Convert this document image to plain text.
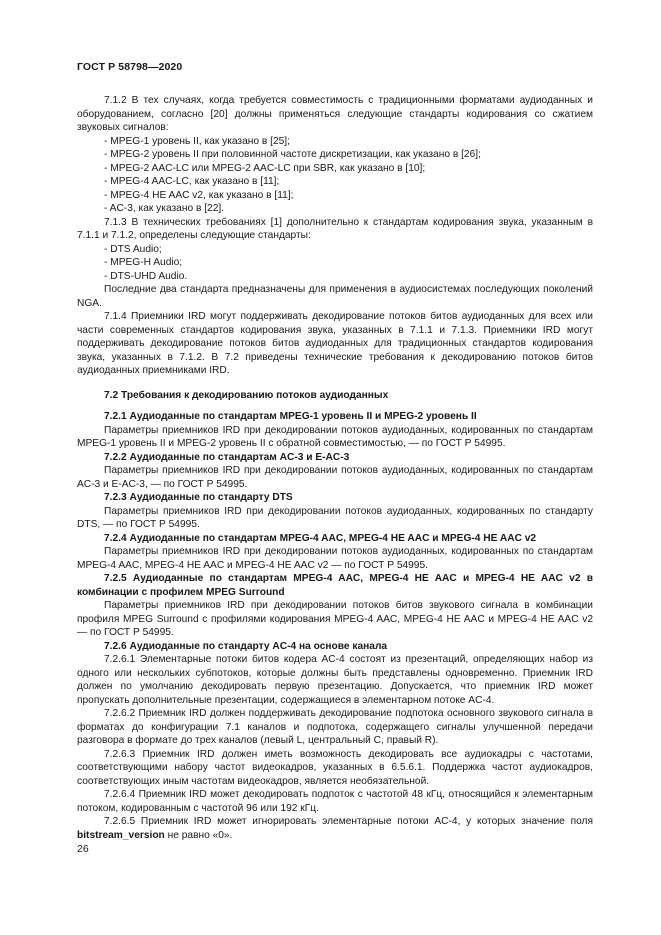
ГОСТ Р 58798—2020

7.1.2 В тех случаях, когда требуется совместимость с традиционными форматами аудиоданных и оборудованием, согласно [20] должны применяться следующие стандарты кодирования со сжатием звуковых сигналов:

- MPEG-1 уровень II, как указано в [25];

- MPEG-2 уровень II при половинной частоте дискретизации, как указано в [26];

- MPEG-2 AAC-LC или MPEG-2 AAC-LC при SBR, как указано в [10];

- MPEG-4 AAC-LC, как указано в [11];

- MPEG-4 HE AAC v2, как указано в [11];

- AC-3, как указано в [22].

7.1.3 В технических требованиях [1] дополнительно к стандартам кодирования звука, указанным в 7.1.1 и 7.1.2, определены следующие стандарты:

- DTS Audio;

- MPEG-H Audio;

- DTS-UHD Audio.

Последние два стандарта предназначены для применения в аудиосистемах последующих поколений NGA.

7.1.4 Приемники IRD могут поддерживать декодирование потоков битов аудиоданных для всех или части современных стандартов кодирования звука, указанных в 7.1.1 и 7.1.3. Приемники IRD могут поддерживать декодирование потоков битов аудиоданных для традиционных стандартов кодирования звука, указанных в 7.1.2. В 7.2 приведены технические требования к декодированию потоков битов аудиоданных приемниками IRD.

7.2 Требования к декодированию потоков аудиоданных

7.2.1 Аудиоданные по стандартам MPEG-1 уровень II и MPEG-2 уровень II

Параметры приемников IRD при декодировании потоков аудиоданных, кодированных по стандартам MPEG-1 уровень II и MPEG-2 уровень II с обратной совместимостью, — по ГОСТ Р 54995.

7.2.2 Аудиоданные по стандартам AC-3 и E-AC-3

Параметры приемников IRD при декодировании потоков аудиоданных, кодированных по стандартам AC-3 и E-AC-3, — по ГОСТ Р 54995.

7.2.3 Аудиоданные по стандарту DTS

Параметры приемников IRD при декодировании потоков аудиоданных, кодированных по стандарту DTS, — по ГОСТ Р 54995.

7.2.4 Аудиоданные по стандартам MPEG-4 AAC, MPEG-4 HE AAC и MPEG-4 HE AAC v2

Параметры приемников IRD при декодировании потоков аудиоданных, кодированных по стандартам MPEG-4 AAC, MPEG-4 HE AAC и MPEG-4 HE AAC v2 — по ГОСТ Р 54995.

7.2.5 Аудиоданные по стандартам MPEG-4 AAC, MPEG-4 HE AAC и MPEG-4 HE AAC v2 в комбинации с профилем MPEG Surround

Параметры приемников IRD при декодировании потоков битов звукового сигнала в комбинации профиля MPEG Surround с профилями кодирования MPEG-4 AAC, MPEG-4 HE AAC и MPEG-4 HE AAC v2 — по ГОСТ Р 54995.

7.2.6 Аудиоданные по стандарту AC-4 на основе канала

7.2.6.1 Элементарные потоки битов кодера AC-4 состоят из презентаций, определяющих набор из одного или нескольких субпотоков, которые должны быть представлены одновременно. Приемник IRD должен по умолчанию декодировать первую презентацию. Допускается, что приемник IRD может пропускать дополнительные презентации, содержащиеся в элементарном потоке AC-4.

7.2.6.2 Приемник IRD должен поддерживать декодирование подпотока основного звукового сигнала в форматах до конфигурации 7.1 каналов и подпотока, содержащего сигналы улучшенной передачи разговора в формате до трех каналов (левый L, центральный C, правый R).

7.2.6.3 Приемник IRD должен иметь возможность декодировать все аудиокадры с частотами, соответствующими набору частот видеокадров, указанных в 6.5.6.1. Поддержка частот аудиокадров, соответствующих иным частотам видеокадров, является необязательной.

7.2.6.4 Приемник IRD может декодировать подпоток с частотой 48 кГц, относящийся к элементарным потоком, кодированным с частотой 96 или 192 кГц.

7.2.6.5 Приемник IRD может игнорировать элементарные потоки AC-4, у которых значение поля bitstream_version не равно «0».

26
